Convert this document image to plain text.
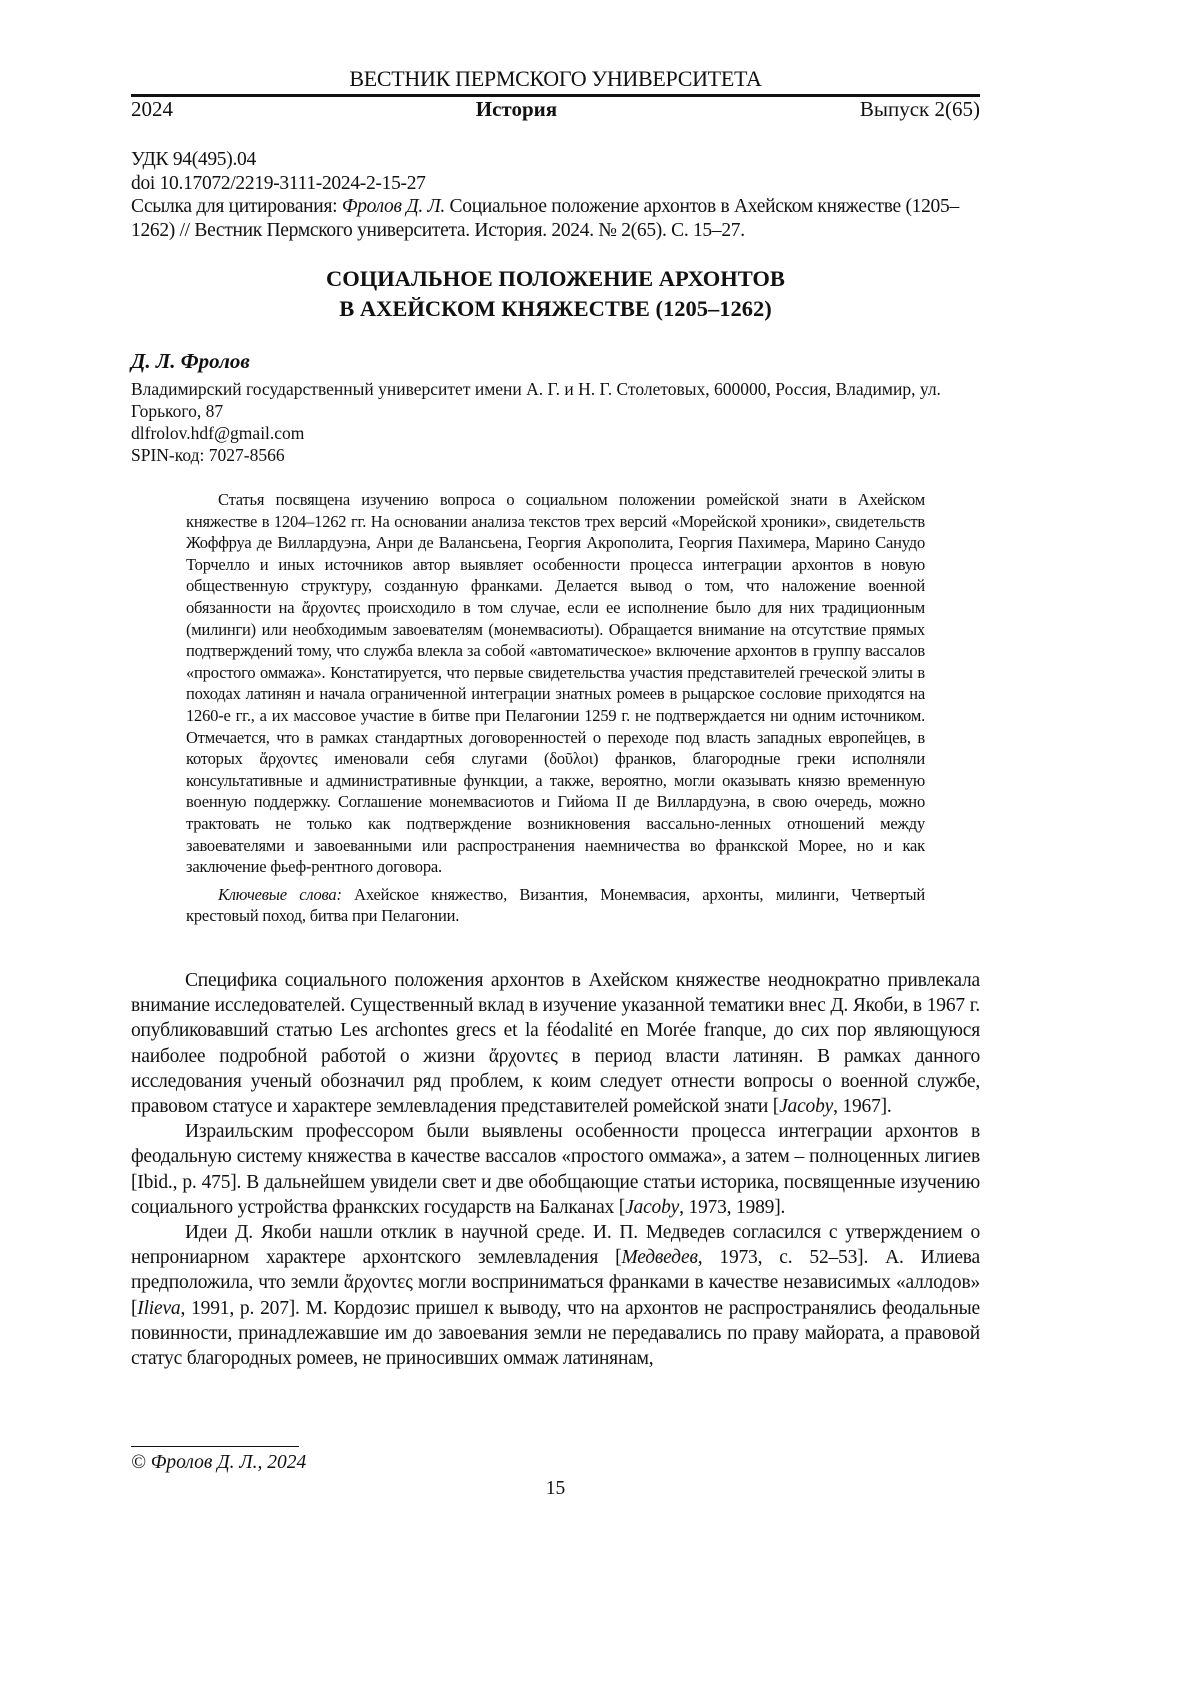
ВЕСТНИК ПЕРМСКОГО УНИВЕРСИТЕТА
2024	История	Выпуск 2(65)
УДК 94(495).04
doi 10.17072/2219-3111-2024-2-15-27
Ссылка для цитирования: Фролов Д. Л. Социальное положение архонтов в Ахейском княжестве (1205–1262) // Вестник Пермского университета. История. 2024. № 2(65). С. 15–27.
СОЦИАЛЬНОЕ ПОЛОЖЕНИЕ АРХОНТОВ
В АХЕЙСКОМ КНЯЖЕСТВЕ (1205–1262)
Д. Л. Фролов
Владимирский государственный университет имени А. Г. и Н. Г. Столетовых, 600000, Россия, Владимир, ул. Горького, 87
dlfrolov.hdf@gmail.com
SPIN-код: 7027-8566

Статья посвящена изучению вопроса о социальном положении ромейской знати в Ахейском княжестве в 1204–1262 гг. На основании анализа текстов трех версий «Морейской хроники», свидетельств Жоффруа де Виллардуэна, Анри де Валансьена, Георгия Акрополита, Георгия Пахимера, Марино Санудо Торчелло и иных источников автор выявляет особенности процесса интеграции архонтов в новую общественную структуру, созданную франками. Делается вывод о том, что наложение военной обязанности на ἄρχοντες происходило в том случае, если ее исполнение было для них традиционным (милинги) или необходимым завоевателям (монемвасиоты). Обращается внимание на отсутствие прямых подтверждений тому, что служба влекла за собой «автоматическое» включение архонтов в группу вассалов «простого оммажа». Констатируется, что первые свидетельства участия представителей греческой элиты в походах латинян и начала ограниченной интеграции знатных ромеев в рыцарское сословие приходятся на 1260-е гг., а их массовое участие в битве при Пелагонии 1259 г. не подтверждается ни одним источником. Отмечается, что в рамках стандартных договоренностей о переходе под власть западных европейцев, в которых ἄρχοντες именовали себя слугами (δοῦλοι) франков, благородные греки исполняли консультативные и административные функции, а также, вероятно, могли оказывать князю временную военную поддержку. Соглашение монемвасиотов и Гийома II де Виллардуэна, в свою очередь, можно трактовать не только как подтверждение возникновения вассально-ленных отношений между завоевателями и завоеванными или распространения наемничества во франкской Морее, но и как заключение фьеф-рентного договора.

Ключевые слова: Ахейское княжество, Византия, Монемвасия, архонты, милинги, Четвертый крестовый поход, битва при Пелагонии.

Специфика социального положения архонтов в Ахейском княжестве неоднократно привлекала внимание исследователей. Существенный вклад в изучение указанной тематики внес Д. Якоби, в 1967 г. опубликовавший статью Les archontes grecs et la féodalité en Morée franque, до сих пор являющуюся наиболее подробной работой о жизни ἄρχοντες в период власти латинян. В рамках данного исследования ученый обозначил ряд проблем, к коим следует отнести вопросы о военной службе, правовом статусе и характере землевладения представителей ромейской знати [Jacoby, 1967].

Израильским профессором были выявлены особенности процесса интеграции архонтов в феодальную систему княжества в качестве вассалов «простого оммажа», а затем – полноценных лигиев [Ibid., p. 475]. В дальнейшем увидели свет и две обобщающие статьи историка, посвященные изучению социального устройства франкских государств на Балканах [Jacoby, 1973, 1989].

Идеи Д. Якоби нашли отклик в научной среде. И. П. Медведев согласился с утверждением о непрониарном характере архонтского землевладения [Медведев, 1973, с. 52–53]. А. Илиева предположила, что земли ἄρχοντες могли восприниматься франками в качестве независимых «аллодов» [Ilieva, 1991, p. 207]. М. Кордозис пришел к выводу, что на архонтов не распространялись феодальные повинности, принадлежавшие им до завоевания земли не передавались по праву майората, а правовой статус благородных ромеев, не приносивших оммаж латинянам,

© Фролов Д. Л., 2024
15
